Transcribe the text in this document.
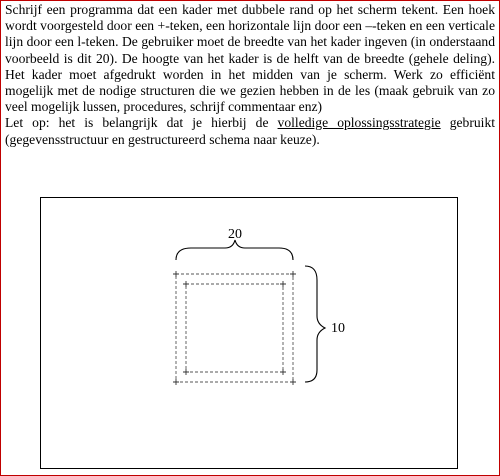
Schrijf een programma dat een kader met dubbele rand op het scherm tekent. Een hoek wordt voorgesteld door een +-teken, een horizontale lijn door een –-teken en een verticale lijn door een l-teken. De gebruiker moet de breedte van het kader ingeven (in onderstaand voorbeeld is dit 20). De hoogte van het kader is de helft van de breedte (gehele deling). Het kader moet afgedrukt worden in het midden van je scherm. Werk zo efficiënt mogelijk met de nodige structuren die we gezien hebben in de les (maak gebruik van zo veel mogelijk lussen, procedures, schrijf commentaar enz)

Let op: het is belangrijk dat je hierbij de volledige oplossingsstrategie gebruikt (gegevensstructuur en gestructureerd schema naar keuze).

20
10
